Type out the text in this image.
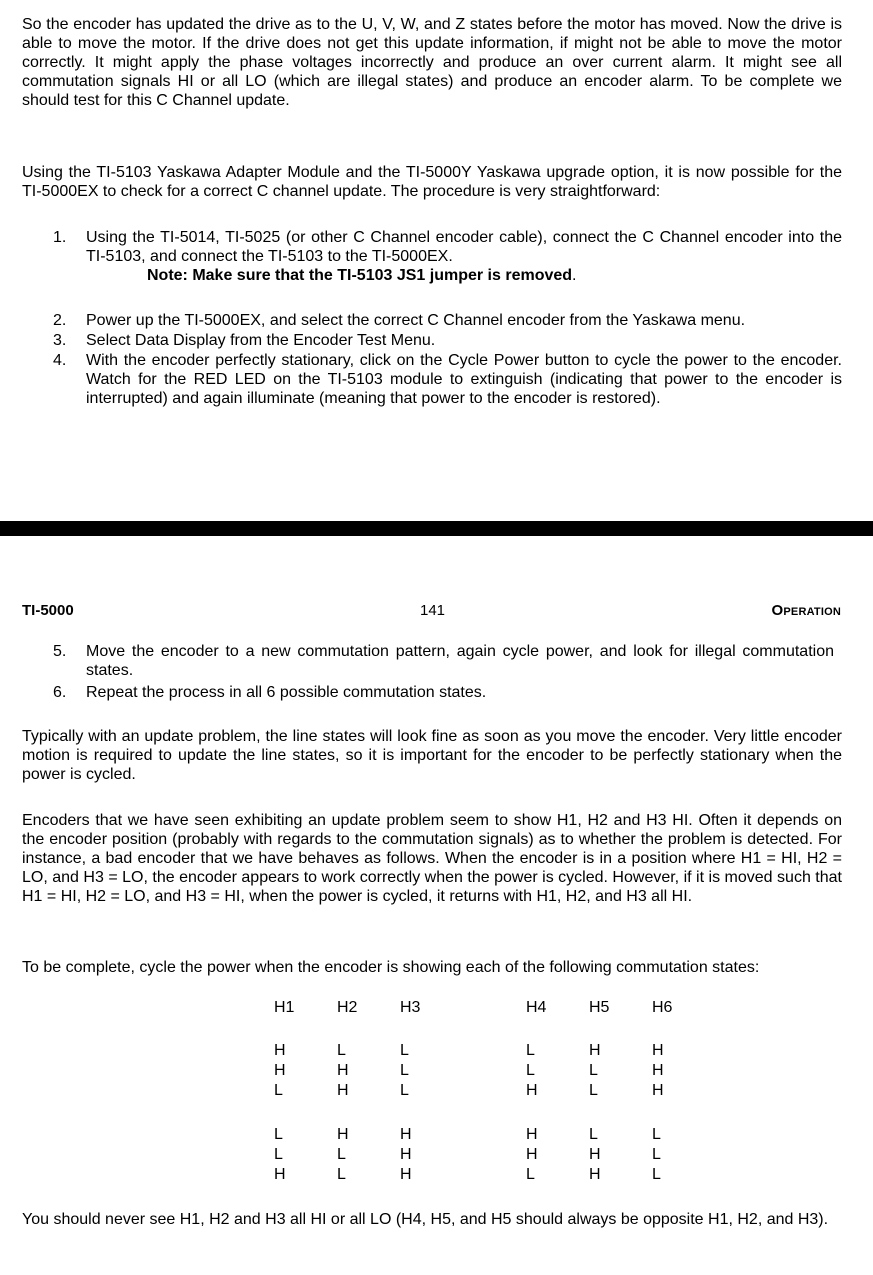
So the encoder has updated the drive as to the U, V, W, and Z states before the motor has moved. Now the drive is able to move the motor. If the drive does not get this update information, if might not be able to move the motor correctly. It might apply the phase voltages incorrectly and produce an over current alarm. It might see all commutation signals HI or all LO (which are illegal states) and produce an encoder alarm. To be complete we should test for this C Channel update.

Using the TI-5103 Yaskawa Adapter Module and the TI-5000Y Yaskawa upgrade option, it is now possible for the TI-5000EX to check for a correct C channel update. The procedure is very straightforward:

1.	Using the TI-5014, TI-5025 (or other C Channel encoder cable), connect the C Channel encoder into the TI-5103, and connect the TI-5103 to the TI-5000EX.

Note: Make sure that the TI-5103 JS1 jumper is removed.
2.	Power up the TI-5000EX, and select the correct C Channel encoder from the Yaskawa menu.

3.	Select Data Display from the Encoder Test Menu.

4.	With the encoder perfectly stationary, click on the Cycle Power button to cycle the power to the encoder. Watch for the RED LED on the TI-5103 module to extinguish (indicating that power to the encoder is interrupted) and again illuminate (meaning that power to the encoder is restored).

TI-5000	141	Operation
5.	Move the encoder to a new commutation pattern, again cycle power, and look for illegal commutation states.

6.	Repeat the process in all 6 possible commutation states.

Typically with an update problem, the line states will look fine as soon as you move the encoder. Very little encoder motion is required to update the line states, so it is important for the encoder to be perfectly stationary when the power is cycled.

Encoders that we have seen exhibiting an update problem seem to show H1, H2 and H3 HI. Often it depends on the encoder position (probably with regards to the commutation signals) as to whether the problem is detected. For instance, a bad encoder that we have behaves as follows. When the encoder is in a position where H1 = HI, H2 = LO, and H3 = LO, the encoder appears to work correctly when the power is cycled. However, if it is moved such that H1 = HI, H2 = LO, and H3 = HI, when the power is cycled, it returns with H1, H2, and H3 all HI.

To be complete, cycle the power when the encoder is showing each of the following commutation states:

H1	H2	H3	H4	H5	H6
H	L	L	L	H	H
H	H	L	L	L	H
L	H	L	H	L	H
L	H	H	H	L	L
L	L	H	H	H	L
H	L	H	L	H	L

You should never see H1, H2 and H3 all HI or all LO (H4, H5, and H5 should always be opposite H1, H2, and H3).
